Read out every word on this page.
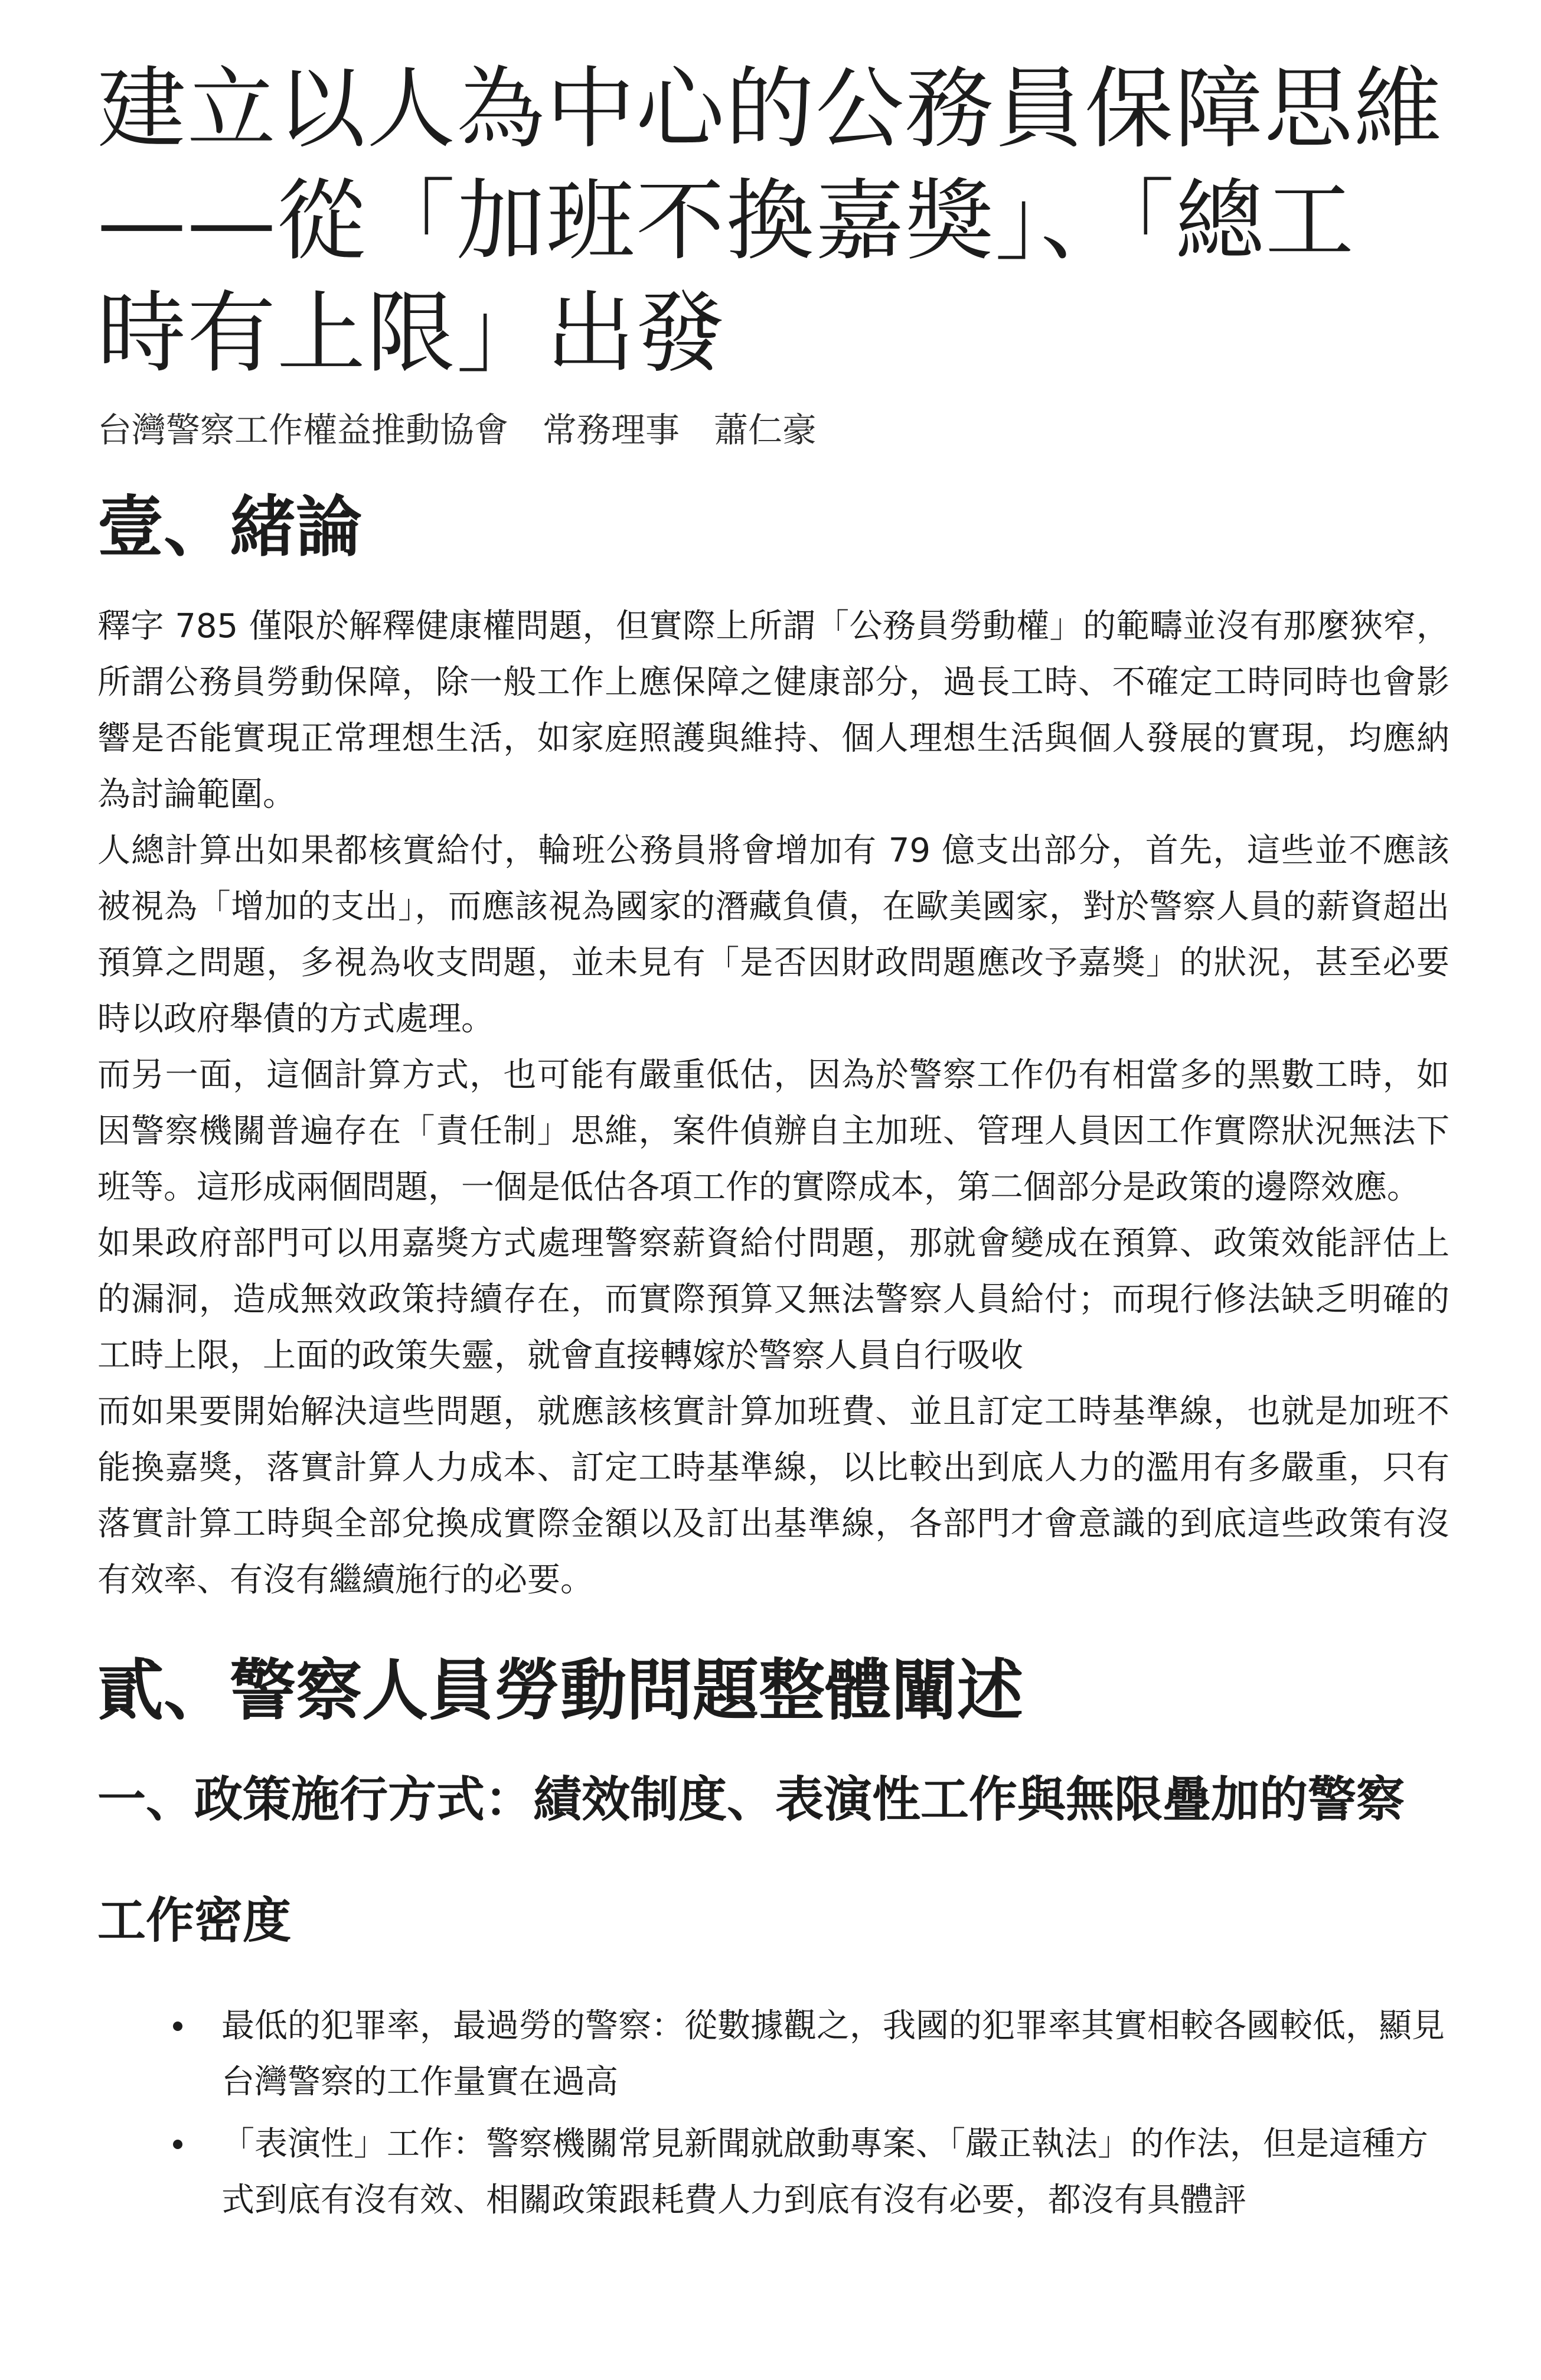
建立以人為中心的公務員保障思維
——從「加班不換嘉獎」、「總工
時有上限」出發
台灣警察工作權益推動協會　常務理事　蕭仁豪
壹、緒論

釋字 785 僅限於解釋健康權問題，但實際上所謂「公務員勞動權」的範疇並沒有那麼狹窄，所謂公務員勞動保障，除一般工作上應保障之健康部分，過長工時、不確定工時同時也會影響是否能實現正常理想生活，如家庭照護與維持、個人理想生活與個人發展的實現，均應納為討論範圍。

人總計算出如果都核實給付，輪班公務員將會增加有 79 億支出部分，首先，這些並不應該被視為「增加的支出」，而應該視為國家的潛藏負債，在歐美國家，對於警察人員的薪資超出預算之問題，多視為收支問題，並未見有「是否因財政問題應改予嘉獎」的狀況，甚至必要時以政府舉債的方式處理。

而另一面，這個計算方式，也可能有嚴重低估，因為於警察工作仍有相當多的黑數工時，如因警察機關普遍存在「責任制」思維，案件偵辦自主加班、管理人員因工作實際狀況無法下班等。這形成兩個問題，一個是低估各項工作的實際成本，第二個部分是政策的邊際效應。

如果政府部門可以用嘉獎方式處理警察薪資給付問題，那就會變成在預算、政策效能評估上的漏洞，造成無效政策持續存在，而實際預算又無法警察人員給付；而現行修法缺乏明確的工時上限，上面的政策失靈，就會直接轉嫁於警察人員自行吸收

而如果要開始解決這些問題，就應該核實計算加班費、並且訂定工時基準線，也就是加班不能換嘉獎，落實計算人力成本、訂定工時基準線，以比較出到底人力的濫用有多嚴重，只有落實計算工時與全部兌換成實際金額以及訂出基準線，各部門才會意識的到底這些政策有沒有效率、有沒有繼續施行的必要。

貳、警察人員勞動問題整體闡述
一、政策施行方式：績效制度、表演性工作與無限疊加的警察
工作密度
最低的犯罪率，最過勞的警察：從數據觀之，我國的犯罪率其實相較各國較低，顯見台灣警察的工作量實在過高
「表演性」工作：警察機關常見新聞就啟動專案、「嚴正執法」的作法，但是這種方式到底有沒有效、相關政策跟耗費人力到底有沒有必要，都沒有具體評
